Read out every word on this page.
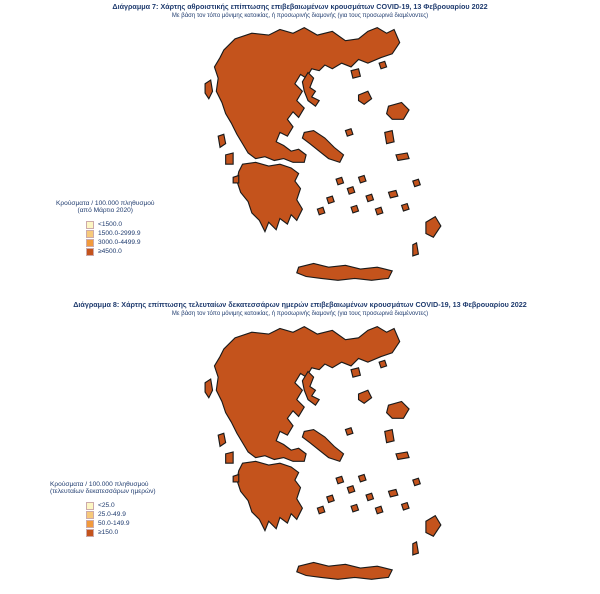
Διάγραμμα 7: Χάρτης αθροιστικής επίπτωσης επιβεβαιωμένων κρουσμάτων COVID-19, 13 Φεβρουαρίου 2022
Με βάση τον τόπο μόνιμης κατοικίας, ή προσωρινής διαμονής (για τους προσωρινά διαμένοντες)
Κρούσματα / 100.000 πληθυσμού
(από Μάρτιο 2020)
<1500.0
1500.0-2999.9
3000.0-4499.9
≥4500.0
Διάγραμμα 8: Χάρτης επίπτωσης τελευταίων δεκατεσσάρων ημερών επιβεβαιωμένων κρουσμάτων COVID-19, 13 Φεβρουαρίου 2022
Με βάση τον τόπο μόνιμης κατοικίας, ή προσωρινής διαμονής (για τους προσωρινά διαμένοντες)
Κρούσματα / 100.000 πληθυσμού
(τελευταίων δεκατεσσάρων ημερών)
<25.0
25.0-49.9
50.0-149.9
≥150.0
